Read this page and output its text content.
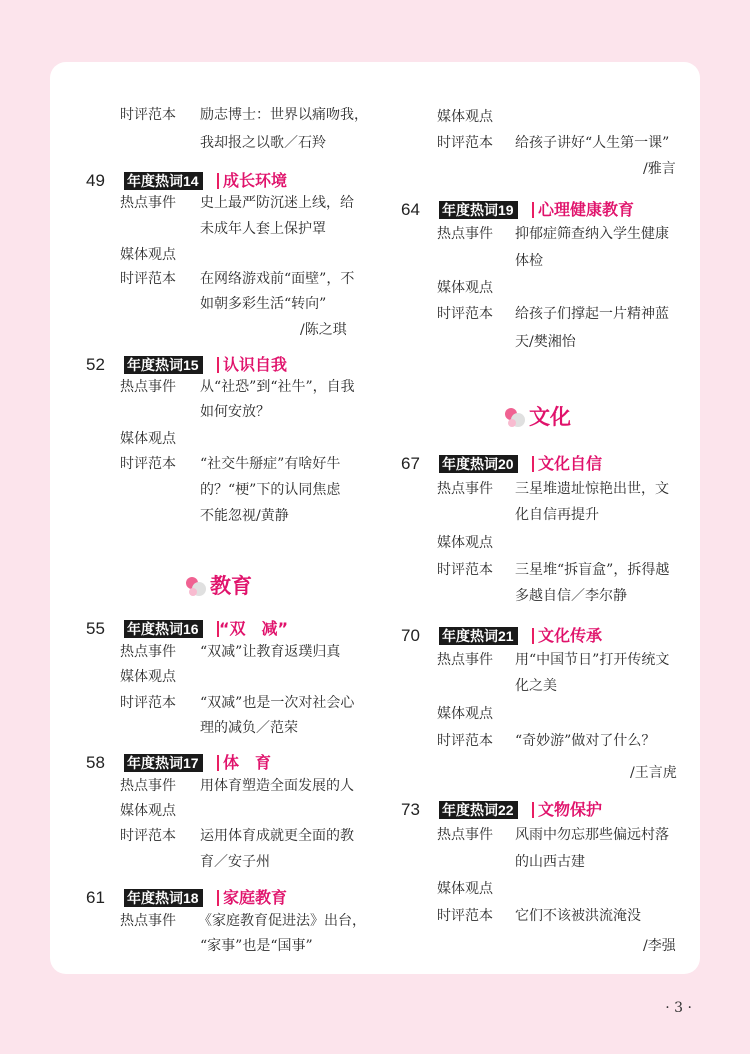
时评范本 励志博士：世界以痛吻我，
我却报之以歌／石羚
49 年度热词14 成长环境
热点事件 史上最严防沉迷上线，给
未成年人套上保护罩
媒体观点
时评范本 在网络游戏前“面壁”，不
如朝多彩生活“转向”
/陈之琪
52 年度热词15 认识自我
热点事件 从“社恐”到“社牛”，自我
如何安放？
媒体观点
时评范本 “社交牛掰症”有啥好牛
的？“梗”下的认同焦虑
不能忽视/黄静
教育
55 年度热词16 “双　减”
热点事件 “双减”让教育返璞归真
媒体观点
时评范本 “双减”也是一次对社会心
理的减负／范荣
58 年度热词17 体　育
热点事件 用体育塑造全面发展的人
媒体观点
时评范本 运用体育成就更全面的教
育／安子州
61 年度热词18 家庭教育
热点事件 《家庭教育促进法》出台，
“家事”也是“国事”
媒体观点
时评范本 给孩子讲好“人生第一课”
/雅言
64 年度热词19 心理健康教育
热点事件 抑郁症筛查纳入学生健康
体检
媒体观点
时评范本 给孩子们撑起一片精神蓝
天/樊湘怡
文化
67 年度热词20 文化自信
热点事件 三星堆遗址惊艳出世，文
化自信再提升
媒体观点
时评范本 三星堆“拆盲盒”，拆得越
多越自信／李尔静
70 年度热词21 文化传承
热点事件 用“中国节日”打开传统文
化之美
媒体观点
时评范本 “奇妙游”做对了什么？
/王言虎
73 年度热词22 文物保护
热点事件 风雨中勿忘那些偏远村落
的山西古建
媒体观点
时评范本 它们不该被洪流淹没
/李强
· 3 ·
